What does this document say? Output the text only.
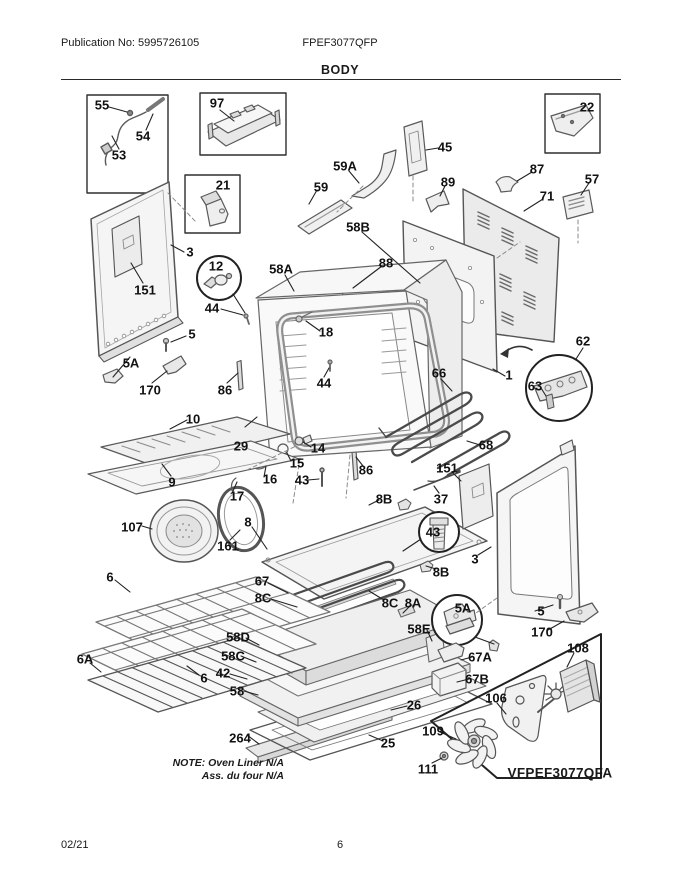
Publication No: 5995726105	FPEF3077QFP
BODY
55
54
53
97
21
22
59A
59
45
89
87
57
71
58B
88
58A
3
151
12
44
18
5
5A
170	86
10
44
66
62
63
1
68
29	14
15
16
17
9
107
161
8
86
8B
151
37
43
43
3
8B
6
6A
6
67
8C	8C 8A
58E
58D
58C
42
58
264
26
25
5A	5
170
67A
67B
106
108
109
111
NOTE: Oven Liner N/A
Ass. du four N/A	VFPEF3077QFA
02/21	6
